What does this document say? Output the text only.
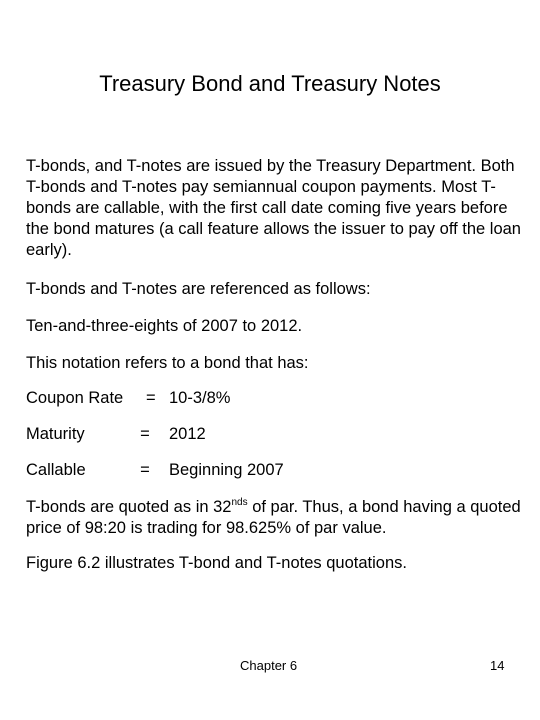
Treasury Bond and Treasury Notes

T-bonds, and T-notes are issued by the Treasury Department. Both T-bonds and T-notes pay semiannual coupon payments. Most T-bonds are callable, with the first call date coming five years before the bond matures (a call feature allows the issuer to pay off the loan early).

T-bonds and T-notes are referenced as follows:

Ten-and-three-eights of 2007 to 2012.

This notation refers to a bond that has:

Coupon Rate	= 10-3/8%
Maturity	=	2012
Callable	=	Beginning 2007

T-bonds are quoted as in $32^{nds}$ of par. Thus, a bond having a quoted price of 98:20 is trading for 98.625% of par value.

Figure 6.2 illustrates T-bond and T-notes quotations.

Chapter 6	14
